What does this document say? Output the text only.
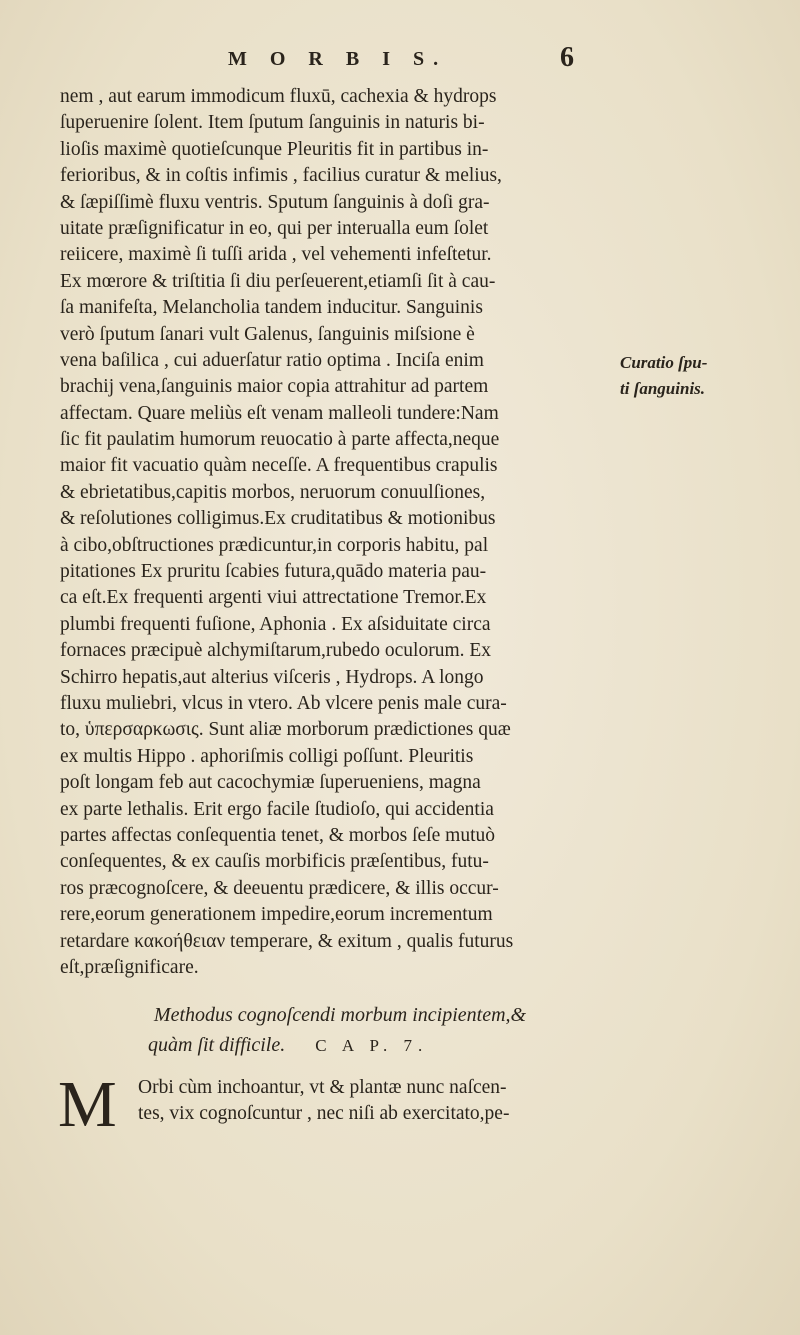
M O R B I S.	6
nem , aut earum immodicum fluxū, cachexia & hydrops
ſuperuenire ſolent. Item ſputum ſanguinis in naturis bi-
lioſis maximè quotieſcunque Pleuritis fit in partibus in-
ferioribus, & in coſtis infimis , facilius curatur & melius,
& ſæpiſſimè fluxu ventris. Sputum ſanguinis à doſi gra-
uitate præſignificatur in eo, qui per interualla eum ſolet
reiicere, maximè ſi tuſſi arida , vel vehementi infeſtetur.
Ex mœrore & triſtitia ſi diu perſeuerent,etiamſi ſit à cau-
ſa manifeſta, Melancholia tandem inducitur. Sanguinis
verò ſputum ſanari vult Galenus, ſanguinis miſsione è
vena baſilica , cui aduerſatur ratio optima . Inciſa enim
brachij vena,ſanguinis maior copia attrahitur ad partem
affectam. Quare meliùs eſt venam malleoli tundere:Nam
ſic fit paulatim humorum reuocatio à parte affecta,neque
maior fit vacuatio quàm neceſſe. A frequentibus crapulis
& ebrietatibus,capitis morbos, neruorum conuulſiones,
& reſolutiones colligimus.Ex cruditatibus & motionibus
à cibo,obſtructiones prædicuntur,in corporis habitu, pal
pitationes Ex pruritu ſcabies futura,quādo materia pau-
ca eſt.Ex frequenti argenti viui attrectatione Tremor.Ex
plumbi frequenti fuſione, Aphonia . Ex aſsiduitate circa
fornaces præcipuè alchymiſtarum,rubedo oculorum. Ex
Schirro hepatis,aut alterius viſceris , Hydrops. A longo
fluxu muliebri, vlcus in vtero. Ab vlcere penis male cura-
to, ὑπερσαρκωσις. Sunt aliæ morborum prædictiones quæ
ex multis Hippo . aphoriſmis colligi poſſunt. Pleuritis
poſt longam feb aut cacochymiæ ſuperueniens, magna
ex parte lethalis. Erit ergo facile ſtudioſo, qui accidentia
partes affectas conſequentia tenet, & morbos ſeſe mutuò
conſequentes, & ex cauſis morbificis præſentibus, futu-
ros præcognoſcere, & deeuentu prædicere, & illis occur-
rere,eorum generationem impedire,eorum incrementum
retardare κακοήθειαν temperare, & exitum , qualis futurus
eſt,præſignificare.
Curatio ſpu-
ti ſanguinis.
Methodus cognoſcendi morbum incipientem,&
quàm ſit difficile. C A P. 7.
M	Orbi cùm inchoantur, vt & plantæ nunc naſcen-
tes, vix cognoſcuntur , nec niſi ab exercitato,pe-
